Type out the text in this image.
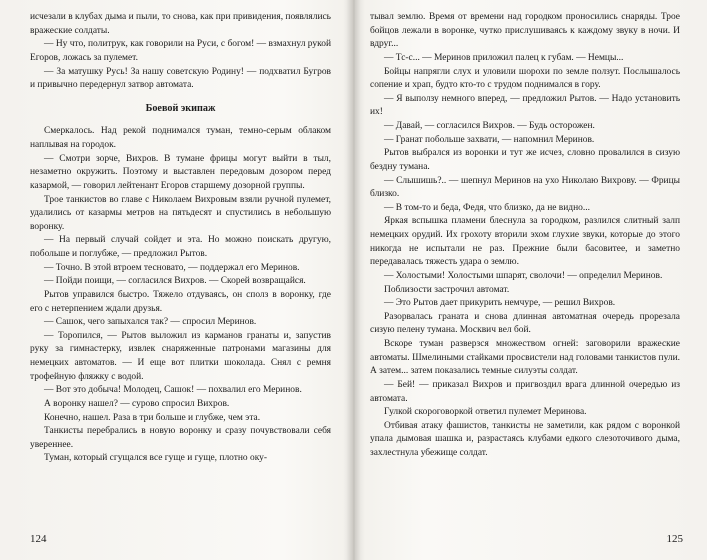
исчезали в клубах дыма и пыли, то снова, как при привидения, появлялись вражеские солдаты.

— Ну что, политрук, как говорили на Руси, с богом! — взмахнул рукой Егоров, ложась за пулемет.

— За матушку Русь! За нашу советскую Родину! — подхватил Бугров и привычно передернул затвор автомата.

Боевой экипаж

Смеркалось. Над рекой поднимался туман, темно-серым облаком наплывая на городок.

— Смотри зорче, Вихров. В тумане фрицы могут выйти в тыл, незаметно окружить. Поэтому и выставлен передовым дозором перед казармой, — говорил лейтенант Егоров старшему дозорной группы.

Трое танкистов во главе с Николаем Вихровым взяли ручной пулемет, удалились от казармы метров на пятьдесят и спустились в небольшую воронку.

— На первый случай сойдет и эта. Но можно поискать другую, побольше и поглубже, — предложил Рытов.

— Точно. В этой втроем тесновато, — поддержал его Меринов.

— Пойди поищи, — согласился Вихров. — Скорей возвращайся.

Рытов управился быстро. Тяжело отдуваясь, он сполз в воронку, где его с нетерпением ждали друзья.

— Сашок, чего запыхался так? — спросил Меринов.

— Торопился, — Рытов выложил из карманов гранаты и, запустив руку за гимнастерку, извлек снаряженные патронами магазины для немецких автоматов. — И еще вот плитки шоколада. Снял с ремня трофейную фляжку с водой.

— Вот это добыча! Молодец, Сашок! — похвалил его Меринов.

А воронку нашел? — сурово спросил Вихров.

Конечно, нашел. Раза в три больше и глубже, чем эта.

Танкисты перебрались в новую воронку и сразу почувствовали себя увереннее.

Туман, который сгущался все гуще и гуще, плотно оку-

124

тывал землю. Время от времени над городком проносились снаряды. Трое бойцов лежали в воронке, чутко прислушиваясь к каждому звуку в ночи. И вдруг...

— Тс-с... — Меринов приложил палец к губам. — Немцы...

Бойцы напрягли слух и уловили шорохи по земле ползут. Послышалось сопение и храп, будто кто-то с трудом поднимался в гору.

— Я выползу немного вперед, — предложил Рытов. — Надо установить их!

— Давай, — согласился Вихров. — Будь осторожен.

— Гранат побольше захвати, — напомнил Меринов.

Рытов выбрался из воронки и тут же исчез, словно провалился в сизую бездну тумана.

— Слышишь?.. — шепнул Меринов на ухо Николаю Вихрову. — Фрицы близко.

— В том-то и беда, Федя, что близко, да не видно...

Яркая вспышка пламени блеснула за городком, разлился слитный залп немецких орудий. Их грохоту вторили эхом глухие звуки, которые до этого никогда не испытали не раз. Прежние были басовитее, и заметно передавалась тяжесть удара о землю.

— Холостыми! Холостыми шпарят, сволочи! — определил Меринов.

Поблизости застрочил автомат.

— Это Рытов дает прикурить немчуре, — решил Вихров.

Разорвалась граната и снова длинная автоматная очередь прорезала сизую пелену тумана. Москвич вел бой.

Вскоре туман разверзся множеством огней: заговорили вражеские автоматы. Шмелиными стайками просвистели над головами танкистов пули. А затем... затем показались темные силуэты солдат.

— Бей! — приказал Вихров и пригвоздил врага длинной очередью из автомата.

Гулкой скороговоркой ответил пулемет Меринова.

Отбивая атаку фашистов, танкисты не заметили, как рядом с воронкой упала дымовая шашка и, разрастаясь клубами едкого слезоточивого дыма, захлестнула убежище солдат.

125
